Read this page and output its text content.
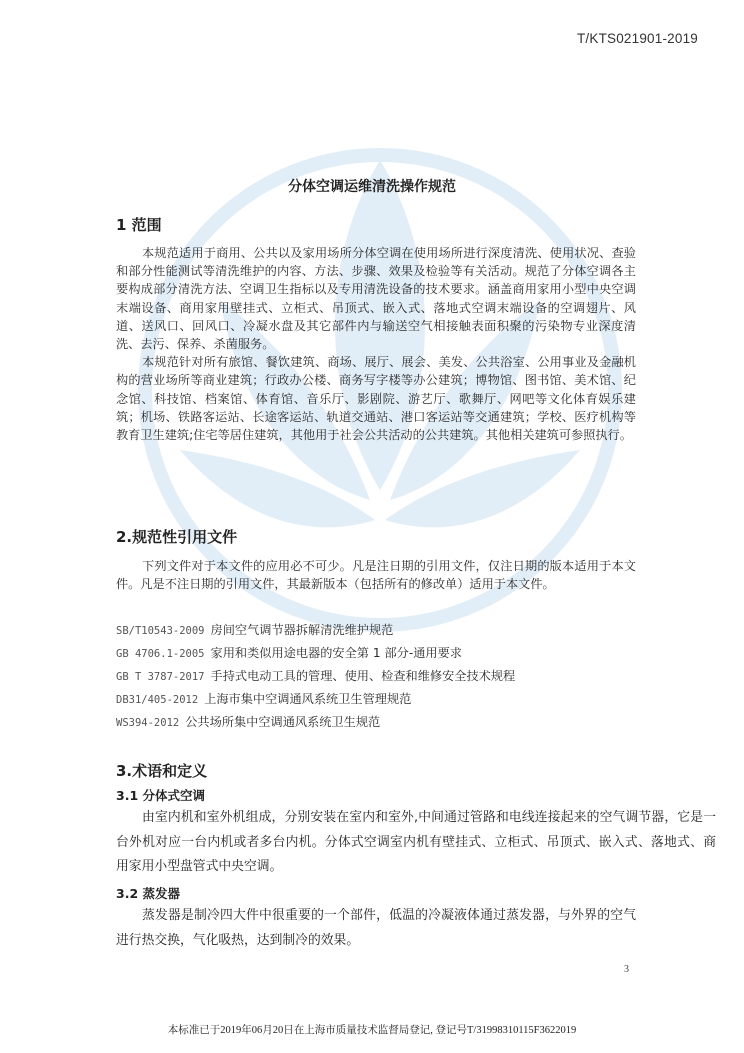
T/KTS021901-2019
分体空调运维清洗操作规范
1 范围

本规范适用于商用、公共以及家用场所分体空调在使用场所进行深度清洗、使用状况、查验和部分性能测试等清洗维护的内容、方法、步骤、效果及检验等有关活动。规范了分体空调各主要构成部分清洗方法、空调卫生指标以及专用清洗设备的技术要求。涵盖商用家用小型中央空调末端设备、商用家用壁挂式、立柜式、吊顶式、嵌入式、落地式空调末端设备的空调翅片、风道、送风口、回风口、冷凝水盘及其它部件内与输送空气相接触表面积聚的污染物专业深度清洗、去污、保养、杀菌服务。

本规范针对所有旅馆、餐饮建筑、商场、展厅、展会、美发、公共浴室、公用事业及金融机构的营业场所等商业建筑；行政办公楼、商务写字楼等办公建筑；博物馆、图书馆、美术馆、纪念馆、科技馆、档案馆、体育馆、音乐厅、影剧院、游艺厅、歌舞厅、网吧等文化体育娱乐建筑；机场、铁路客运站、长途客运站、轨道交通站、港口客运站等交通建筑；学校、医疗机构等教育卫生建筑;住宅等居住建筑，其他用于社会公共活动的公共建筑。其他相关建筑可参照执行。

2.规范性引用文件

下列文件对于本文件的应用必不可少。凡是注日期的引用文件，仅注日期的版本适用于本文件。凡是不注日期的引用文件，其最新版本（包括所有的修改单）适用于本文件。

SB/T10543-2009 房间空气调节器拆解清洗维护规范
GB 4706.1-2005 家用和类似用途电器的安全第 1 部分-通用要求
GB T 3787-2017 手持式电动工具的管理、使用、检查和维修安全技术规程
DB31/405-2012 上海市集中空调通风系统卫生管理规范
WS394-2012 公共场所集中空调通风系统卫生规范
3.术语和定义
3.1 分体式空调

由室内机和室外机组成，分别安装在室内和室外,中间通过管路和电线连接起来的空气调节器，它是一台外机对应一台内机或者多台内机。分体式空调室内机有壁挂式、立柜式、吊顶式、嵌入式、落地式、商用家用小型盘管式中央空调。

3.2 蒸发器

蒸发器是制冷四大件中很重要的一个部件，低温的冷凝液体通过蒸发器，与外界的空气进行热交换，气化吸热，达到制冷的效果。

3
本标准已于2019年06月20日在上海市质量技术监督局登记, 登记号T/31998310115F3622019
